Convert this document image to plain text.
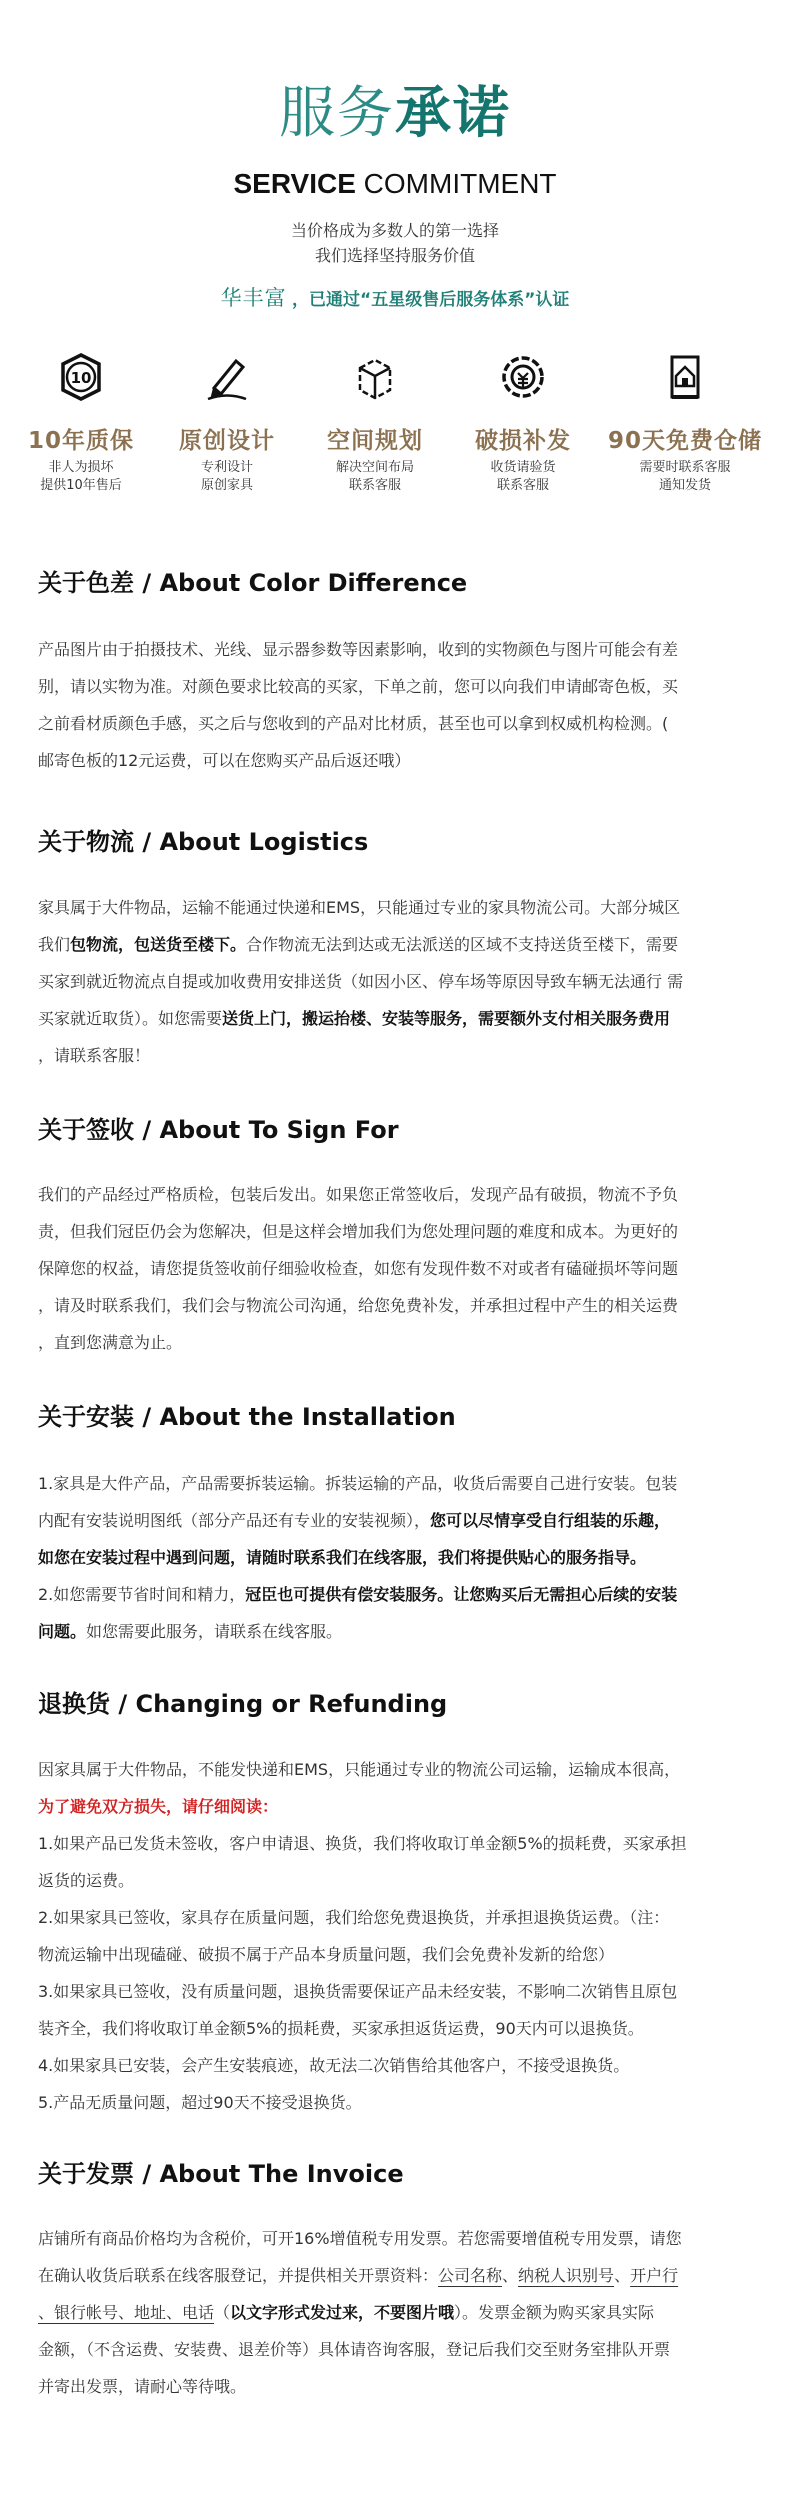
服务承诺
SERVICE COMMITMENT
当价格成为多数人的第一选择
我们选择坚持服务价值
华丰富 ，已通过“五星级售后服务体系”认证
10
10年质保
非人为损坏
提供10年售后
原创设计
专利设计
原创家具
空间规划
解决空间布局
联系客服
破损补发
收货请验货
联系客服
90天免费仓储
需要时联系客服
通知发货
关于色差 / About Color Difference
产品图片由于拍摄技术、光线、显示器参数等因素影响，收到的实物颜色与图片可能会有差
别，请以实物为准。对颜色要求比较高的买家，下单之前，您可以向我们申请邮寄色板，买
之前看材质颜色手感，买之后与您收到的产品对比材质，甚至也可以拿到权威机构检测。(
邮寄色板的12元运费，可以在您购买产品后返还哦）
关于物流 / About Logistics
家具属于大件物品，运输不能通过快递和EMS，只能通过专业的家具物流公司。大部分城区
我们包物流，包送货至楼下。合作物流无法到达或无法派送的区域不支持送货至楼下，需要
买家到就近物流点自提或加收费用安排送货（如因小区、停车场等原因导致车辆无法通行 需
买家就近取货）。如您需要送货上门，搬运抬楼、安装等服务，需要额外支付相关服务费用
，请联系客服！
关于签收 / About To Sign For
我们的产品经过严格质检，包装后发出。如果您正常签收后，发现产品有破损，物流不予负
责，但我们冠臣仍会为您解决，但是这样会增加我们为您处理问题的难度和成本。为更好的
保障您的权益，请您提货签收前仔细验收检查，如您有发现件数不对或者有磕碰损坏等问题
，请及时联系我们，我们会与物流公司沟通，给您免费补发，并承担过程中产生的相关运费
，直到您满意为止。
关于安装 / About the Installation
1.家具是大件产品，产品需要拆装运输。拆装运输的产品，收货后需要自己进行安装。包装
内配有安装说明图纸（部分产品还有专业的安装视频），您可以尽情享受自行组装的乐趣，
如您在安装过程中遇到问题，请随时联系我们在线客服，我们将提供贴心的服务指导。
2.如您需要节省时间和精力，冠臣也可提供有偿安装服务。让您购买后无需担心后续的安装
问题。如您需要此服务，请联系在线客服。
退换货 / Changing or Refunding
因家具属于大件物品，不能发快递和EMS，只能通过专业的物流公司运输，运输成本很高，
为了避免双方损失，请仔细阅读：
1.如果产品已发货未签收，客户申请退、换货，我们将收取订单金额5%的损耗费，买家承担
返货的运费。
2.如果家具已签收，家具存在质量问题，我们给您免费退换货，并承担退换货运费。（注：
物流运输中出现磕碰、破损不属于产品本身质量问题，我们会免费补发新的给您）
3.如果家具已签收，没有质量问题，退换货需要保证产品未经安装，不影响二次销售且原包
装齐全，我们将收取订单金额5%的损耗费，买家承担返货运费，90天内可以退换货。
4.如果家具已安装，会产生安装痕迹，故无法二次销售给其他客户，不接受退换货。
5.产品无质量问题，超过90天不接受退换货。
关于发票 / About The Invoice
店铺所有商品价格均为含税价，可开16%增值税专用发票。若您需要增值税专用发票，请您
在确认收货后联系在线客服登记，并提供相关开票资料：公司名称、纳税人识别号、开户行
、银行帐号、地址、电话（以文字形式发过来，不要图片哦）。发票金额为购买家具实际
金额，（不含运费、安装费、退差价等）具体请咨询客服，登记后我们交至财务室排队开票
并寄出发票，请耐心等待哦。
